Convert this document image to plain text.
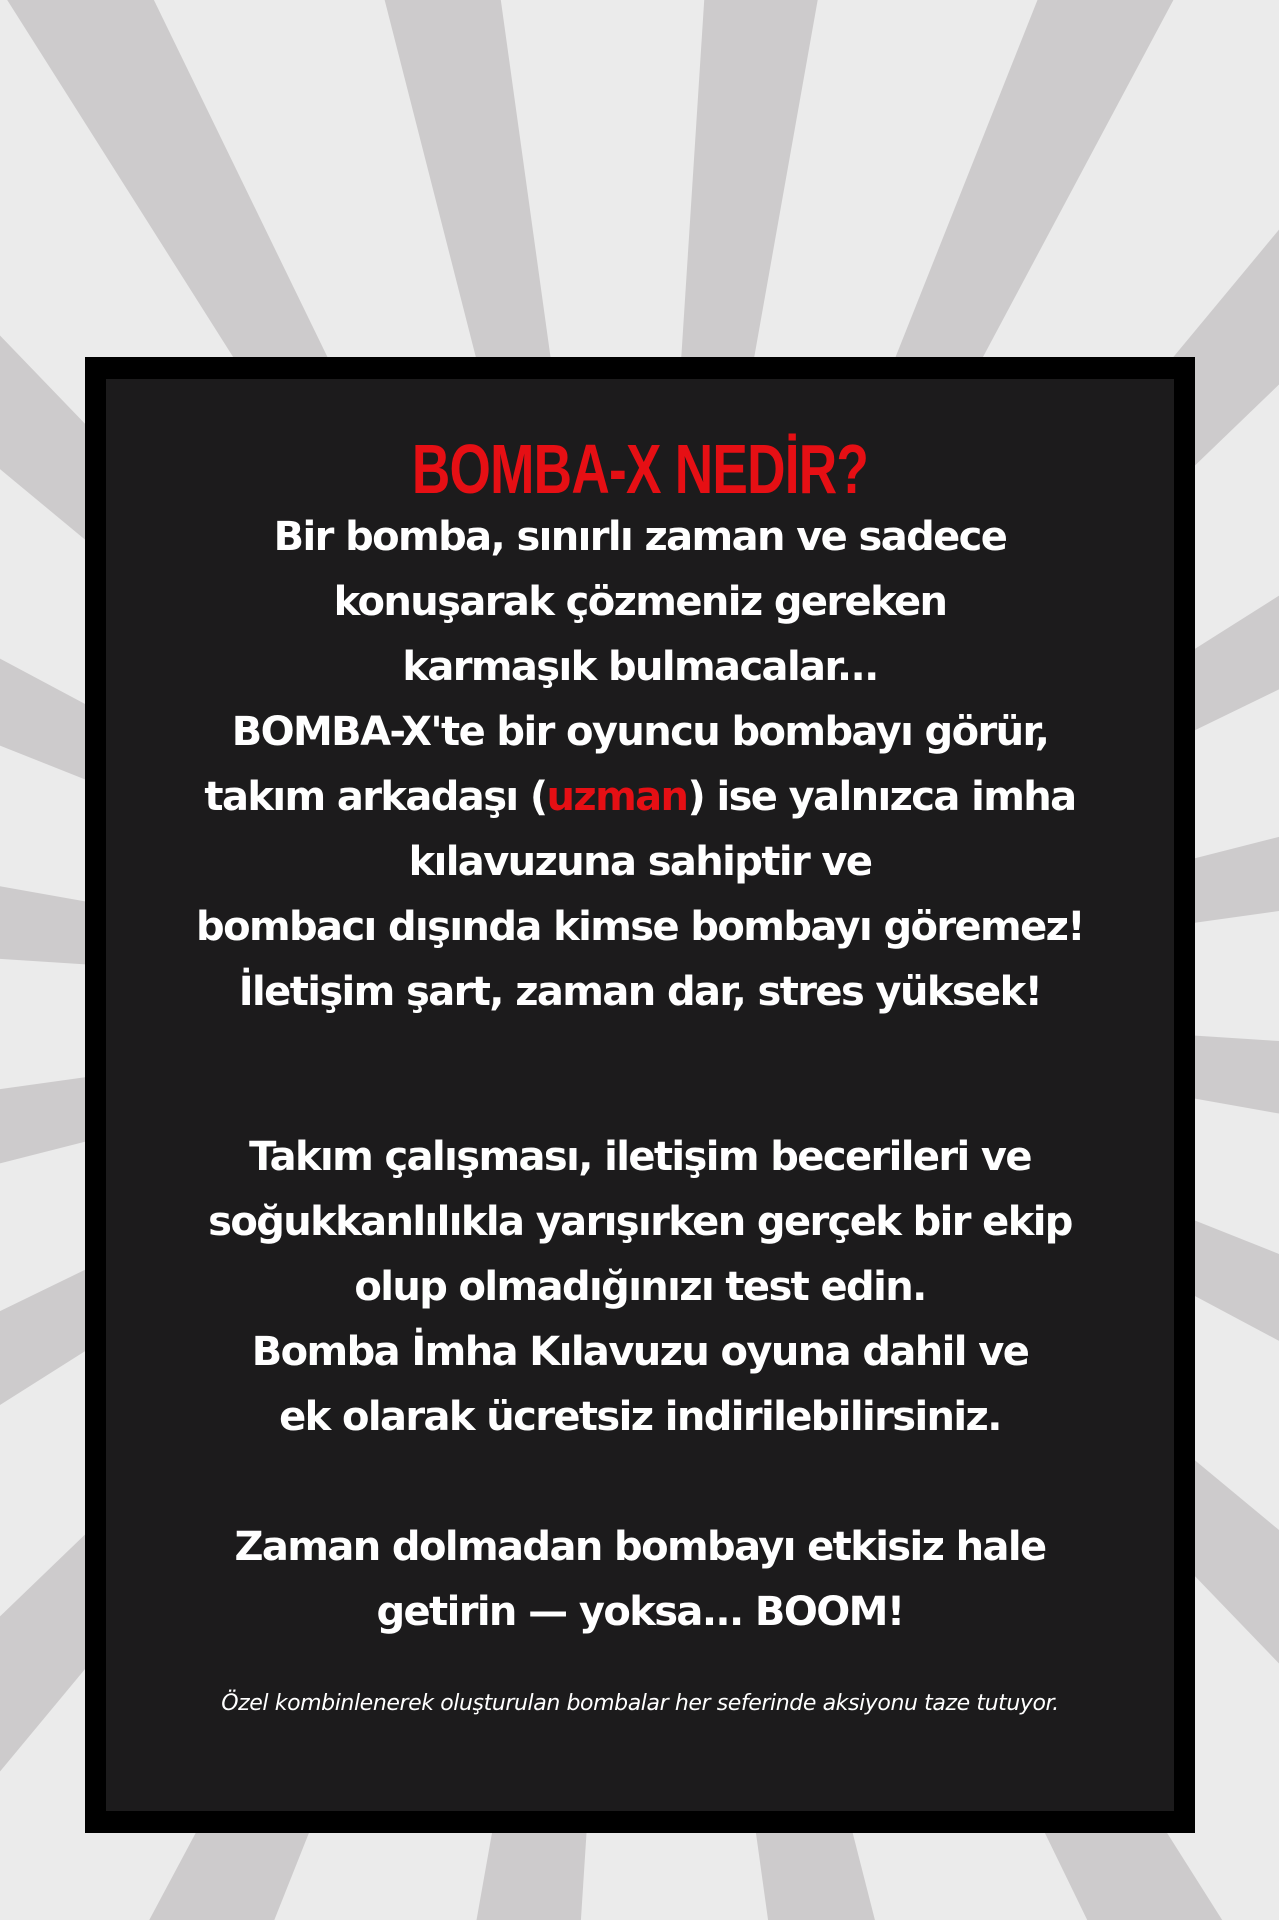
BOMBA-X NEDİR?

Bir bomba, sınırlı zaman ve sadece
konuşarak çözmeniz gereken
karmaşık bulmacalar...
BOMBA-X'te bir oyuncu bombayı görür,
takım arkadaşı (uzman) ise yalnızca imha
kılavuzuna sahiptir ve
bombacı dışında kimse bombayı göremez!
İletişim şart, zaman dar, stres yüksek!

Takım çalışması, iletişim becerileri ve
soğukkanlılıkla yarışırken gerçek bir ekip
olup olmadığınızı test edin.
Bomba İmha Kılavuzu oyuna dahil ve
ek olarak ücretsiz indirilebilirsiniz.

Zaman dolmadan bombayı etkisiz hale
getirin — yoksa... BOOM!

Özel kombinlenerek oluşturulan bombalar her seferinde aksiyonu taze tutuyor.
